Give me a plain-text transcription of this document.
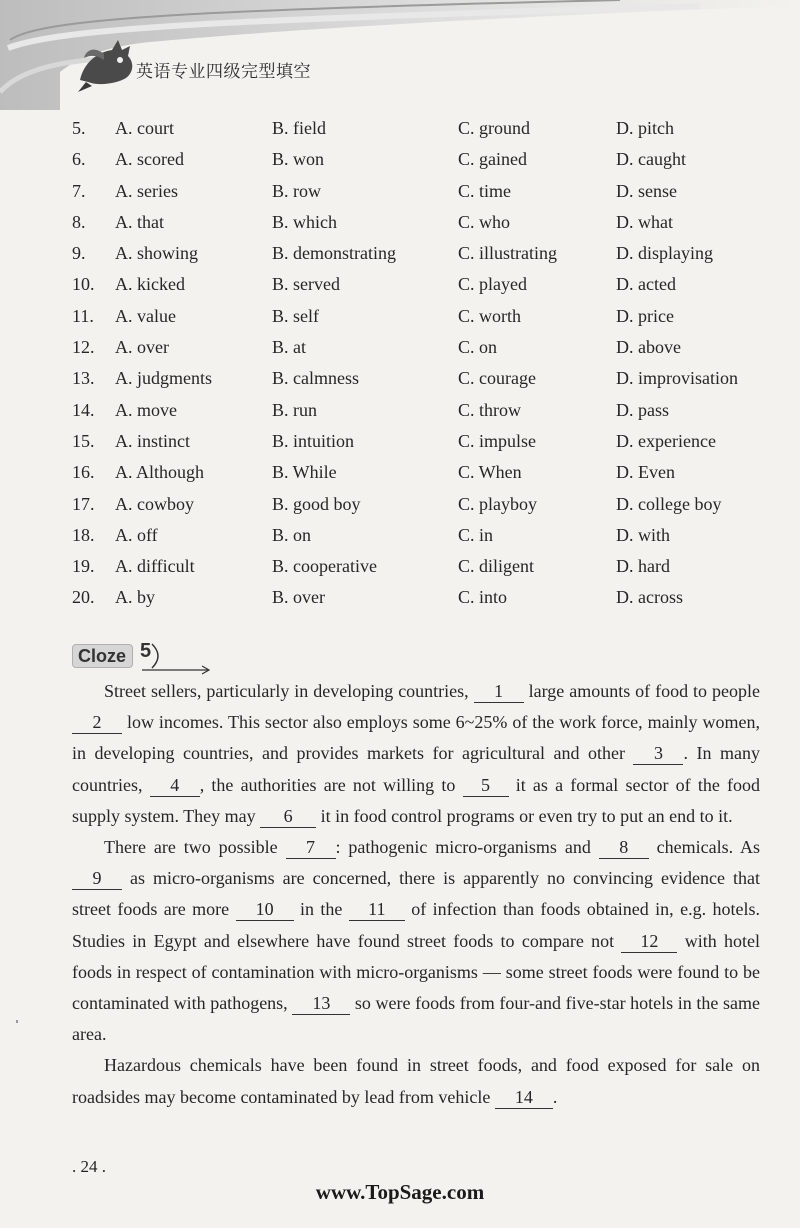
英语专业四级完型填空
5. A. court	B. field	C. ground	D. pitch
6. A. scored	B. won	C. gained	D. caught
7. A. series	B. row	C. time	D. sense
8. A. that	B. which	C. who	D. what
9. A. showing	B. demonstrating	C. illustrating	D. displaying
10. A. kicked	B. served	C. played	D. acted
11. A. value	B. self	C. worth	D. price
12. A. over	B. at	C. on	D. above
13. A. judgments	B. calmness	C. courage	D. improvisation
14. A. move	B. run	C. throw	D. pass
15. A. instinct	B. intuition	C. impulse	D. experience
16. A. Although	B. While	C. When	D. Even
17. A. cowboy	B. good boy	C. playboy	D. college boy
18. A. off	B. on	C. in	D. with
19. A. difficult	B. cooperative	C. diligent	D. hard
20. A. by	B. over	C. into	D. across
Cloze 5

Street sellers, particularly in developing countries, 1 large amounts of food to people 2 low incomes. This sector also employs some 6~25% of the work force, mainly women, in developing countries, and provides markets for agricultural and other 3 . In many countries, 4 , the authorities are not willing to 5 it as a formal sector of the food supply system. They may 6 it in food control programs or even try to put an end to it.

There are two possible 7 : pathogenic micro-organisms and 8 chemicals. As 9 as micro-organisms are concerned, there is apparently no convincing evidence that street foods are more 10 in the 11 of infection than foods obtained in, e.g. hotels. Studies in Egypt and elsewhere have found street foods to compare not 12 with hotel foods in respect of contamination with micro-organisms — some street foods were found to be contaminated with pathogens, 13 so were foods from four-and five-star hotels in the same area.

Hazardous chemicals have been found in street foods, and food exposed for sale on roadsides may become contaminated by lead from vehicle 14 .

. 24 .
www.TopSage.com
